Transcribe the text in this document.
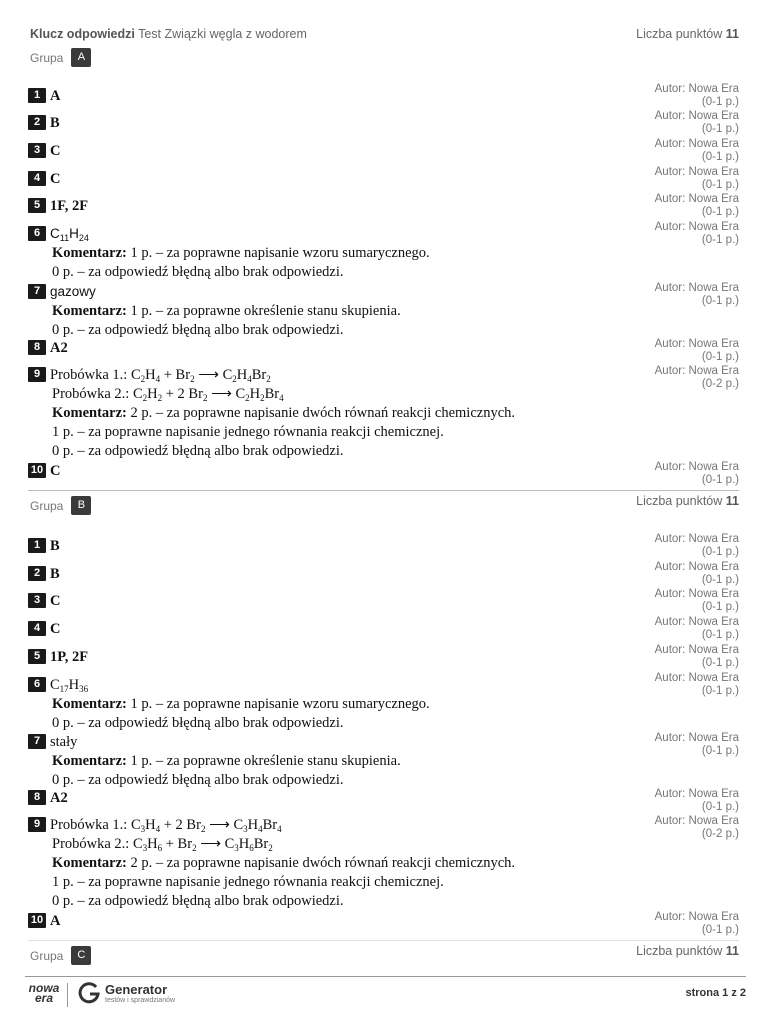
Klucz odpowiedzi Test Związki węgla z wodorem	Liczba punktów 11
Grupa	A
1 A	Autor: Nowa Era
(0-1 p.)
2 B	Autor: Nowa Era
(0-1 p.)
3 C	Autor: Nowa Era
(0-1 p.)
4 C	Autor: Nowa Era
(0-1 p.)
5 1F, 2F	Autor: Nowa Era
(0-1 p.)
6 $C_{11}H_{24}$
Komentarz: 1 p. – za poprawne napisanie wzoru sumarycznego.
0 p. – za odpowiedź błędną albo brak odpowiedzi.
Autor: Nowa Era
(0-1 p.)
7 gazowy
Komentarz: 1 p. – za poprawne określenie stanu skupienia.
0 p. – za odpowiedź błędną albo brak odpowiedzi.
Autor: Nowa Era
(0-1 p.)
8 A2	Autor: Nowa Era
(0-1 p.)
9 Probówka 1.: $C_2H_4 + Br_2$ ⟶ $C_2H_4Br_2$
Probówka 2.: $C_2H_2 + 2$ $Br_2$ ⟶ $C_2H_2Br_4$
Komentarz: 2 p. – za poprawne napisanie dwóch równań reakcji chemicznych.
1 p. – za poprawne napisanie jednego równania reakcji chemicznej.
0 p. – za odpowiedź błędną albo brak odpowiedzi.
Autor: Nowa Era
(0-2 p.)
10 C	Autor: Nowa Era
(0-1 p.)
Liczba punktów 11
Grupa	B
1 B	Autor: Nowa Era
(0-1 p.)
2 B	Autor: Nowa Era
(0-1 p.)
3 C	Autor: Nowa Era
(0-1 p.)
4 C	Autor: Nowa Era
(0-1 p.)
5 1P, 2F	Autor: Nowa Era
(0-1 p.)
6 $C_{17}H_{36}$
Komentarz: 1 p. – za poprawne napisanie wzoru sumarycznego.
0 p. – za odpowiedź błędną albo brak odpowiedzi.
Autor: Nowa Era
(0-1 p.)
7 stały
Komentarz: 1 p. – za poprawne określenie stanu skupienia.
0 p. – za odpowiedź błędną albo brak odpowiedzi.
Autor: Nowa Era
(0-1 p.)
8 A2	Autor: Nowa Era
(0-1 p.)
9 Probówka 1.: $C_3H_4 + 2$ $Br_2$ ⟶ $C_3H_4Br_4$
Probówka 2.: $C_3H_6 + Br_2$ ⟶ $C_3H_6Br_2$
Komentarz: 2 p. – za poprawne napisanie dwóch równań reakcji chemicznych.
1 p. – za poprawne napisanie jednego równania reakcji chemicznej.
0 p. – za odpowiedź błędną albo brak odpowiedzi.
Autor: Nowa Era
(0-2 p.)
10 A	Autor: Nowa Era
(0-1 p.)
Liczba punktów 11
Grupa	C
nowa
era
Generator
testów i sprawdzianów
strona 1 z 2
